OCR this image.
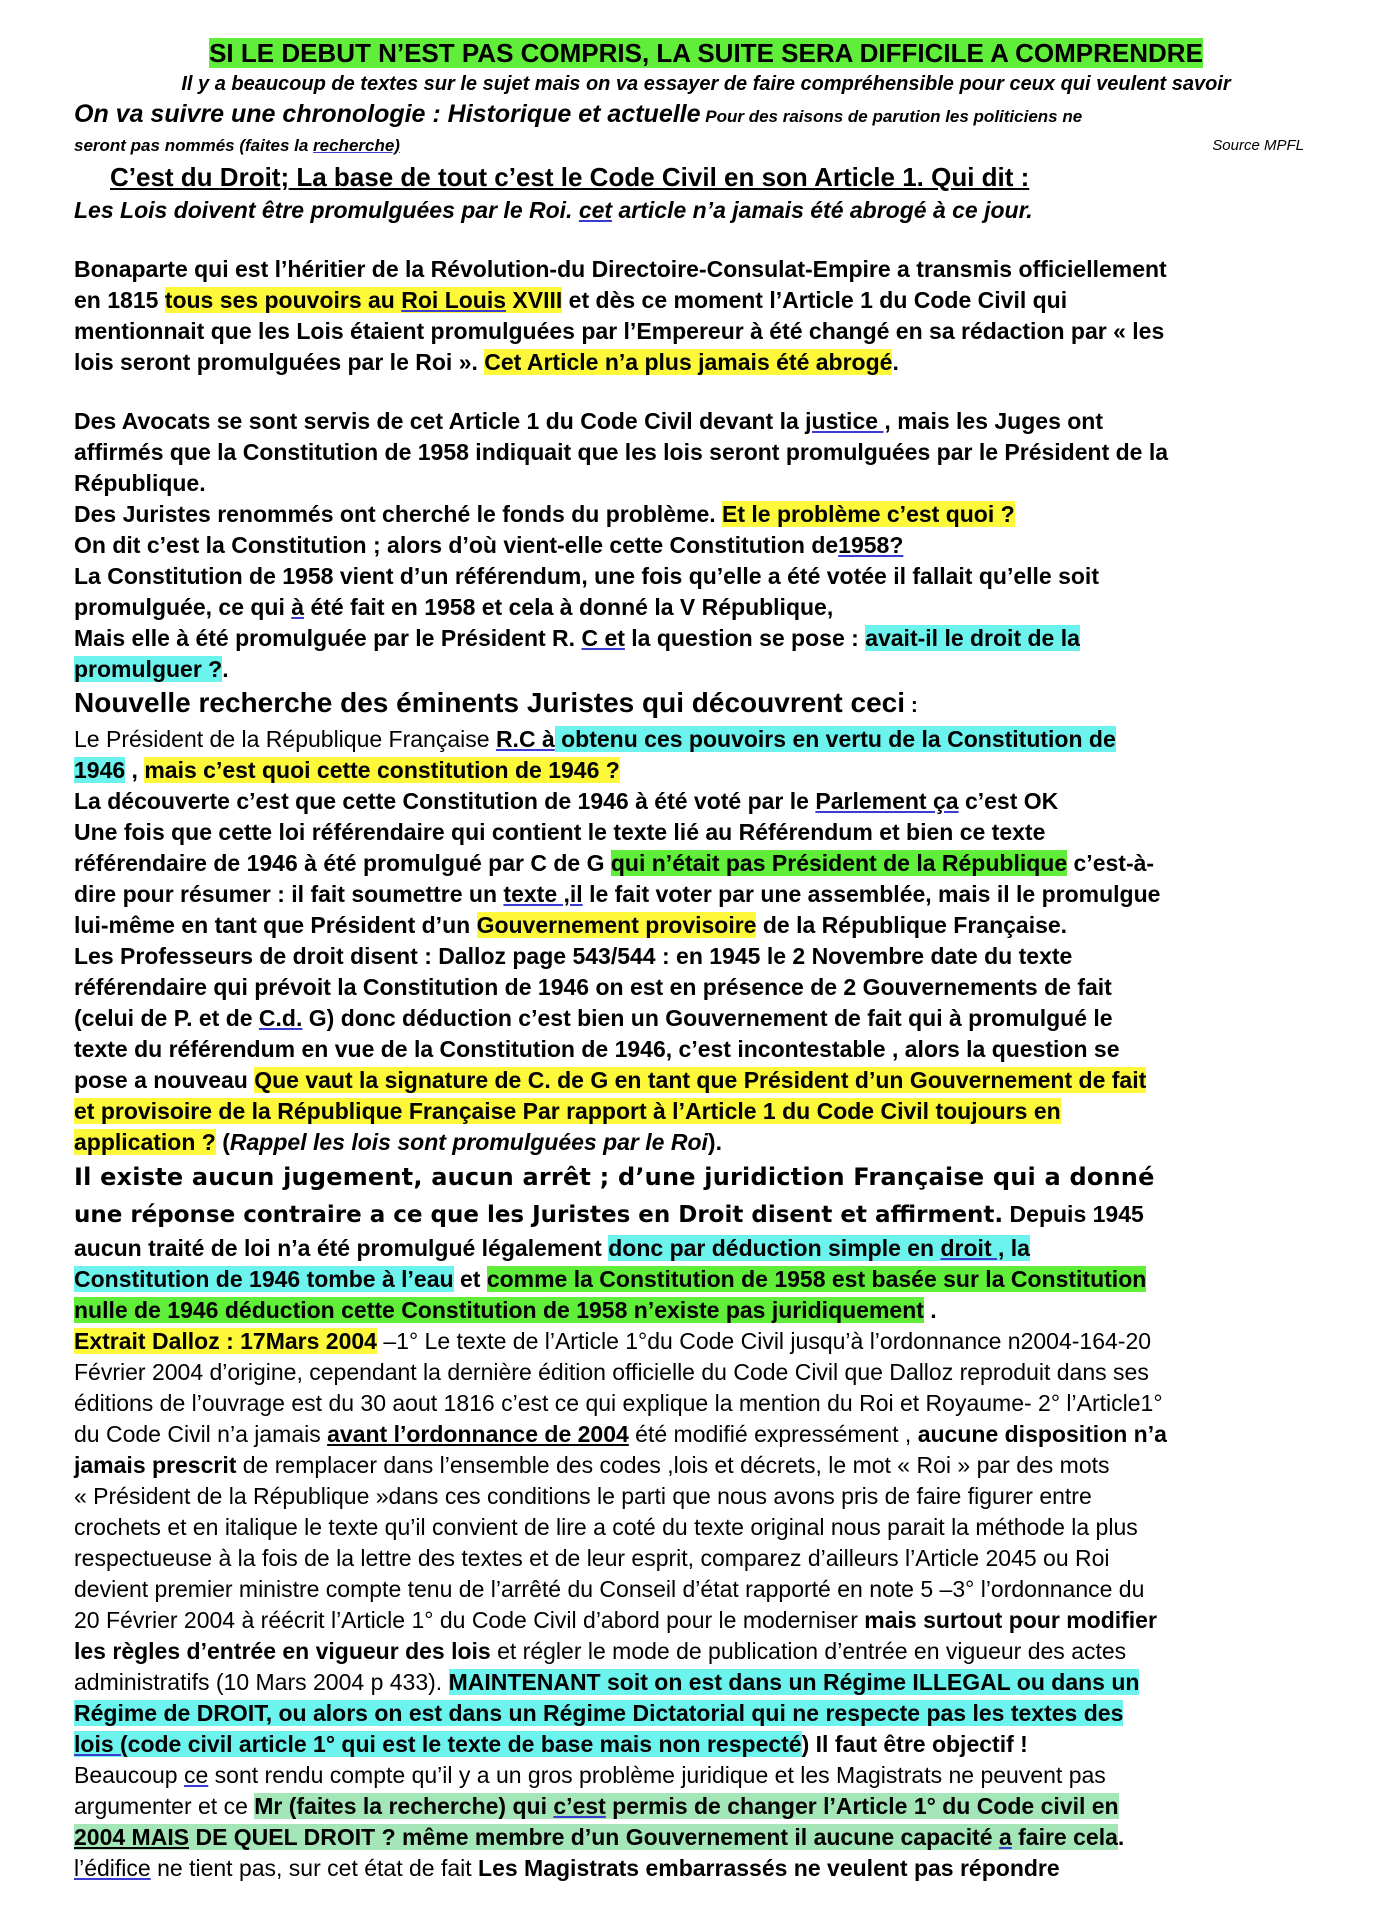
SI LE DEBUT N’EST PAS COMPRIS, LA SUITE SERA DIFFICILE A COMPRENDRE
Il y a beaucoup de textes sur le sujet mais on va essayer de faire compréhensible pour ceux qui veulent savoir
On va suivre une chronologie : Historique et actuelle Pour des raisons de parution les politiciens ne
seront pas nommés (faites la recherche)	Source MPFL
C’est du Droit; La base de tout c’est le Code Civil en son Article 1. Qui dit :
Les Lois doivent être promulguées par le Roi. cet article n’a jamais été abrogé à ce jour.
Bonaparte qui est l’héritier de la Révolution-du Directoire-Consulat-Empire a transmis officiellement
en 1815 tous ses pouvoirs au Roi Louis XVIII et dès ce moment l’Article 1 du Code Civil qui
mentionnait que les Lois étaient promulguées par l’Empereur à été changé en sa rédaction par « les
lois seront promulguées par le Roi ». Cet Article n’a plus jamais été abrogé.
Des Avocats se sont servis de cet Article 1 du Code Civil devant la justice , mais les Juges ont
affirmés que la Constitution de 1958 indiquait que les lois seront promulguées par le Président de la
République.
Des Juristes renommés ont cherché le fonds du problème. Et le problème c’est quoi ?
On dit c’est la Constitution ; alors d’où vient-elle cette Constitution de1958?
La Constitution de 1958 vient d’un référendum, une fois qu’elle a été votée il fallait qu’elle soit
promulguée, ce qui à été fait en 1958 et cela à donné la V République,
Mais elle à été promulguée par le Président R. C et la question se pose : avait-il le droit de la
promulguer ?.
Nouvelle recherche des éminents Juristes qui découvrent ceci :
Le Président de la République Française R.C à obtenu ces pouvoirs en vertu de la Constitution de
1946 , mais c’est quoi cette constitution de 1946 ?
La découverte c’est que cette Constitution de 1946 à été voté par le Parlement ça c’est OK
Une fois que cette loi référendaire qui contient le texte lié au Référendum et bien ce texte
référendaire de 1946 à été promulgué par C de G qui n’était pas Président de la République c’est-à-
dire pour résumer : il fait soumettre un texte ,il le fait voter par une assemblée, mais il le promulgue
lui-même en tant que Président d’un Gouvernement provisoire de la République Française.
Les Professeurs de droit disent : Dalloz page 543/544 : en 1945 le 2 Novembre date du texte
référendaire qui prévoit la Constitution de 1946 on est en présence de 2 Gouvernements de fait
(celui de P. et de C.d. G) donc déduction c’est bien un Gouvernement de fait qui à promulgué le
texte du référendum en vue de la Constitution de 1946, c’est incontestable , alors la question se
pose a nouveau Que vaut la signature de C. de G en tant que Président d’un Gouvernement de fait
et provisoire de la République Française Par rapport à l’Article 1 du Code Civil toujours en
application ? (Rappel les lois sont promulguées par le Roi).
Il existe aucun jugement, aucun arrêt ; d’une juridiction Française qui a donné
une réponse contraire a ce que les Juristes en Droit disent et affirment. Depuis 1945
aucun traité de loi n’a été promulgué légalement donc par déduction simple en droit , la
Constitution de 1946 tombe à l’eau et comme la Constitution de 1958 est basée sur la Constitution
nulle de 1946 déduction cette Constitution de 1958 n’existe pas juridiquement .
Extrait Dalloz : 17Mars 2004 –1° Le texte de l’Article 1°du Code Civil jusqu’à l’ordonnance n2004-164-20
Février 2004 d’origine, cependant la dernière édition officielle du Code Civil que Dalloz reproduit dans ses
éditions de l’ouvrage est du 30 aout 1816 c’est ce qui explique la mention du Roi et Royaume- 2° l’Article1°
du Code Civil n’a jamais avant l’ordonnance de 2004 été modifié expressément , aucune disposition n’a
jamais prescrit de remplacer dans l’ensemble des codes ,lois et décrets, le mot « Roi » par des mots
« Président de la République »dans ces conditions le parti que nous avons pris de faire figurer entre
crochets et en italique le texte qu’il convient de lire a coté du texte original nous parait la méthode la plus
respectueuse à la fois de la lettre des textes et de leur esprit, comparez d’ailleurs l’Article 2045 ou Roi
devient premier ministre compte tenu de l’arrêté du Conseil d’état rapporté en note 5 –3° l’ordonnance du
20 Février 2004 à réécrit l’Article 1° du Code Civil d’abord pour le moderniser mais surtout pour modifier
les règles d’entrée en vigueur des lois et régler le mode de publication d’entrée en vigueur des actes
administratifs (10 Mars 2004 p 433). MAINTENANT soit on est dans un Régime ILLEGAL ou dans un
Régime de DROIT, ou alors on est dans un Régime Dictatorial qui ne respecte pas les textes des
lois (code civil article 1° qui est le texte de base mais non respecté) Il faut être objectif !
Beaucoup ce sont rendu compte qu’il y a un gros problème juridique et les Magistrats ne peuvent pas
argumenter et ce Mr (faites la recherche) qui c’est permis de changer l’Article 1° du Code civil en
2004 MAIS DE QUEL DROIT ? même membre d’un Gouvernement il aucune capacité a faire cela.
l’édifice ne tient pas, sur cet état de fait Les Magistrats embarrassés ne veulent pas répondre
